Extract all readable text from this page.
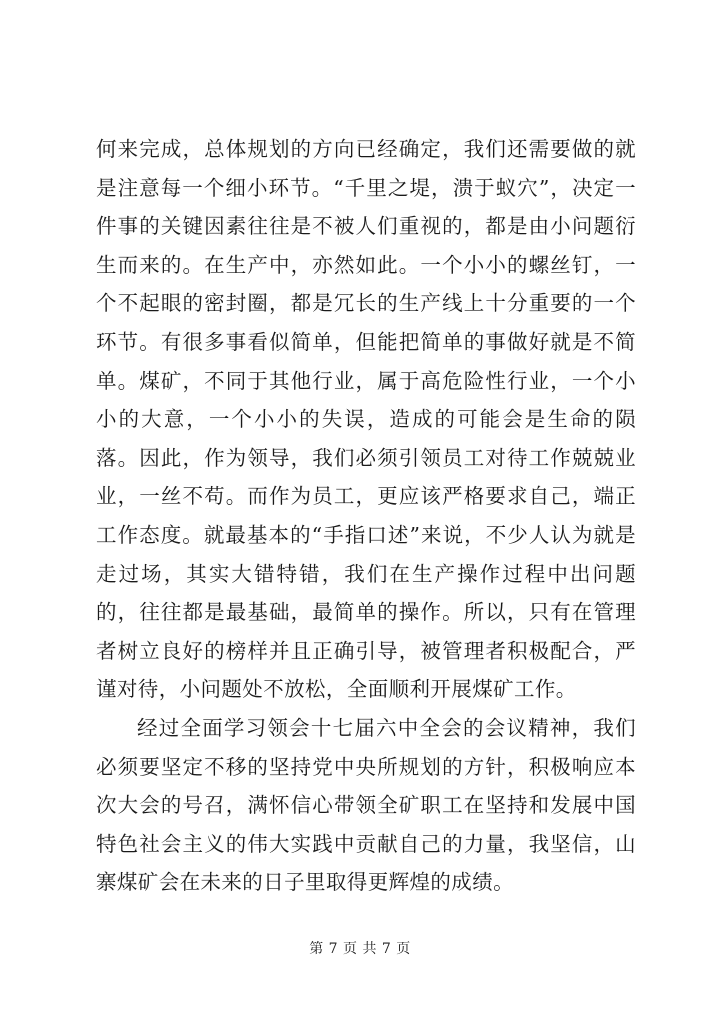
何来完成，总体规划的方向已经确定，我们还需要做的就是注意每一个细小环节。“千里之堤，溃于蚁穴”，决定一件事的关键因素往往是不被人们重视的，都是由小问题衍生而来的。在生产中，亦然如此。一个小小的螺丝钉，一个不起眼的密封圈，都是冗长的生产线上十分重要的一个环节。有很多事看似简单，但能把简单的事做好就是不简单。煤矿，不同于其他行业，属于高危险性行业，一个小小的大意，一个小小的失误，造成的可能会是生命的陨落。因此，作为领导，我们必须引领员工对待工作兢兢业业，一丝不苟。而作为员工，更应该严格要求自己，端正工作态度。就最基本的“手指口述”来说，不少人认为就是走过场，其实大错特错，我们在生产操作过程中出问题的，往往都是最基础，最简单的操作。所以，只有在管理者树立良好的榜样并且正确引导，被管理者积极配合，严谨对待，小问题处不放松，全面顺利开展煤矿工作。

经过全面学习领会十七届六中全会的会议精神，我们必须要坚定不移的坚持党中央所规划的方针，积极响应本次大会的号召，满怀信心带领全矿职工在坚持和发展中国特色社会主义的伟大实践中贡献自己的力量，我坚信，山寨煤矿会在未来的日子里取得更辉煌的成绩。

第 7 页 共 7 页
